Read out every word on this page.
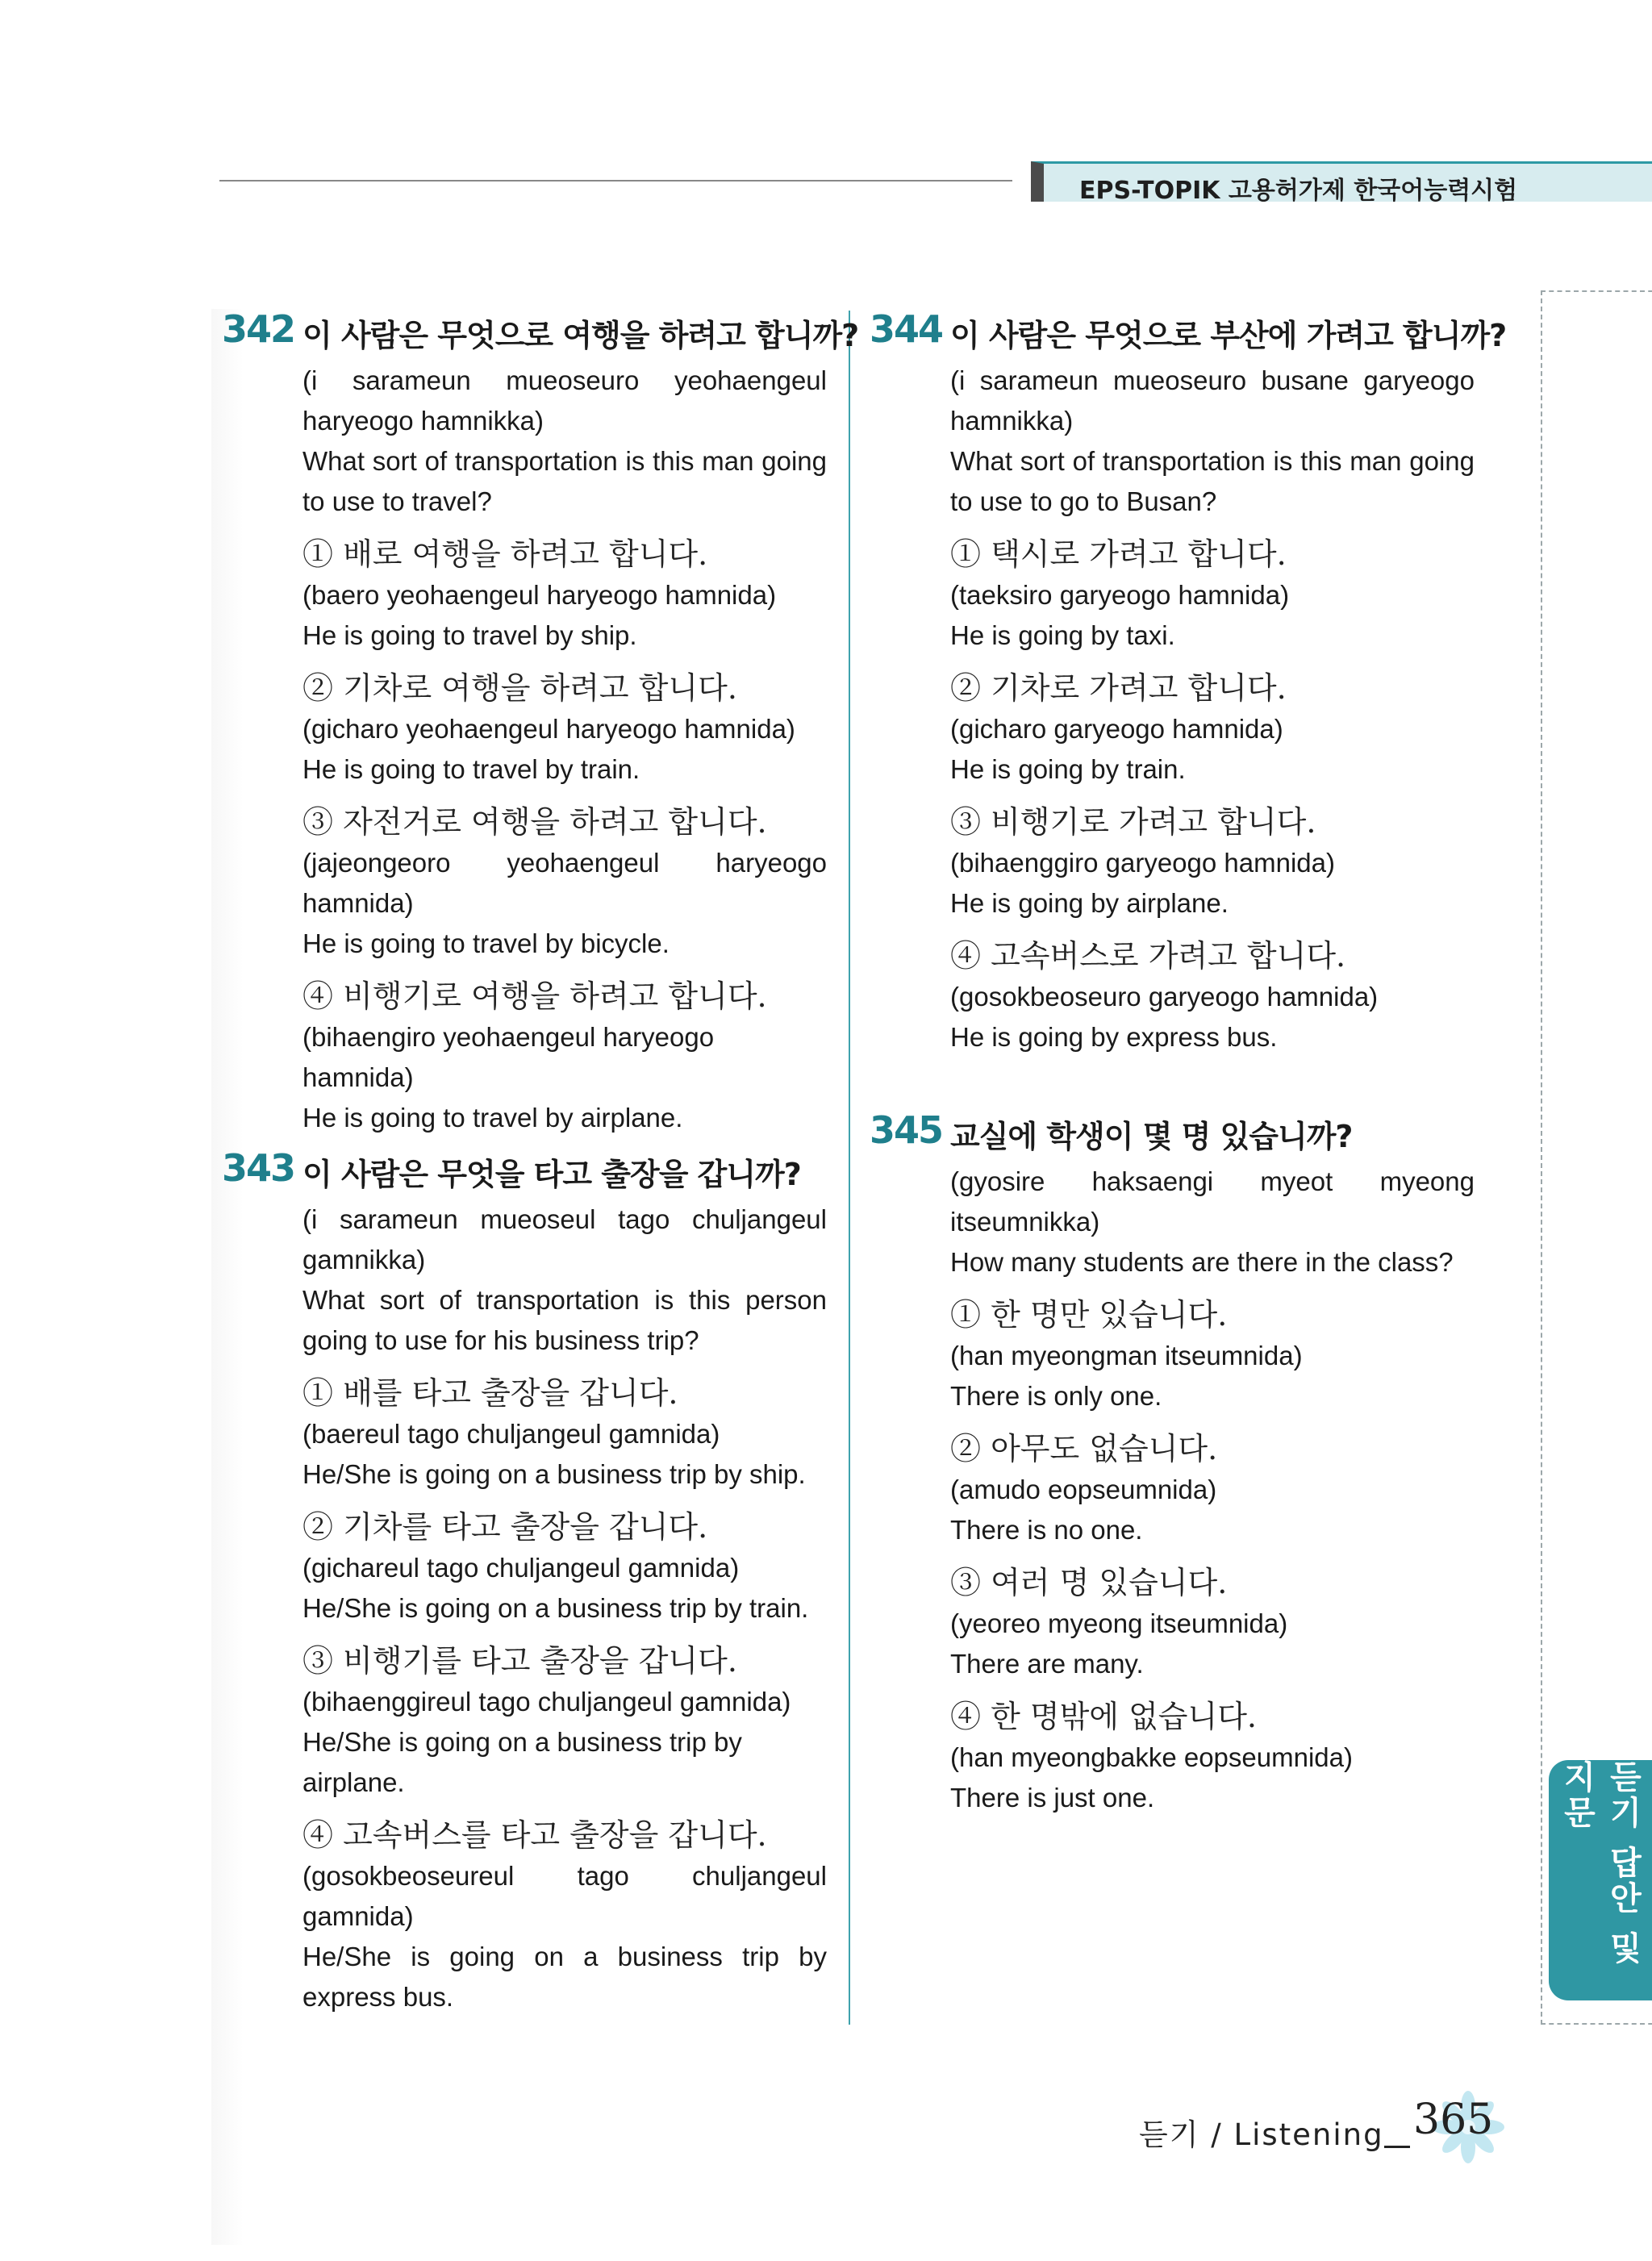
EPS-TOPIK 고용허가제 한국어능력시험
듣기 답안 및 지문
342 이 사람은 무엇으로 여행을 하려고 합니까?
(i sarameun mueoseuro yeohaengeul
haryeogo hamnikka)
What sort of transportation is this man going
to use to travel?
① 배로 여행을 하려고 합니다.
(baero yeohaengeul haryeogo hamnida)
He is going to travel by ship.
② 기차로 여행을 하려고 합니다.
(gicharo yeohaengeul haryeogo hamnida)
He is going to travel by train.
③ 자전거로 여행을 하려고 합니다.
(jajeongeoro yeohaengeul haryeogo
hamnida)
He is going to travel by bicycle.
④ 비행기로 여행을 하려고 합니다.
(bihaengiro yeohaengeul haryeogo hamnida)
He is going to travel by airplane.
343 이 사람은 무엇을 타고 출장을 갑니까?
(i sarameun mueoseul tago chuljangeul
gamnikka)
What sort of transportation is this person
going to use for his business trip?
① 배를 타고 출장을 갑니다.
(baereul tago chuljangeul gamnida)
He/She is going on a business trip by ship.
② 기차를 타고 출장을 갑니다.
(gichareul tago chuljangeul gamnida)
He/She is going on a business trip by train.
③ 비행기를 타고 출장을 갑니다.
(bihaenggireul tago chuljangeul gamnida)
He/She is going on a business trip by airplane.
④ 고속버스를 타고 출장을 갑니다.
(gosokbeoseureul tago chuljangeul
gamnida)
He/She is going on a business trip by
express bus.
344 이 사람은 무엇으로 부산에 가려고 합니까?
(i sarameun mueoseuro busane garyeogo
hamnikka)
What sort of transportation is this man going
to use to go to Busan?
① 택시로 가려고 합니다.
(taeksiro garyeogo hamnida)
He is going by taxi.
② 기차로 가려고 합니다.
(gicharo garyeogo hamnida)
He is going by train.
③ 비행기로 가려고 합니다.
(bihaenggiro garyeogo hamnida)
He is going by airplane.
④ 고속버스로 가려고 합니다.
(gosokbeoseuro garyeogo hamnida)
He is going by express bus.
345 교실에 학생이 몇 명 있습니까?
(gyosire haksaengi myeot myeong
itseumnikka)
How many students are there in the class?
① 한 명만 있습니다.
(han myeongman itseumnida)
There is only one.
② 아무도 없습니다.
(amudo eopseumnida)
There is no one.
③ 여러 명 있습니다.
(yeoreo myeong itseumnida)
There are many.
④ 한 명밖에 없습니다.
(han myeongbakke eopseumnida)
There is just one.
듣기 / Listening 365
